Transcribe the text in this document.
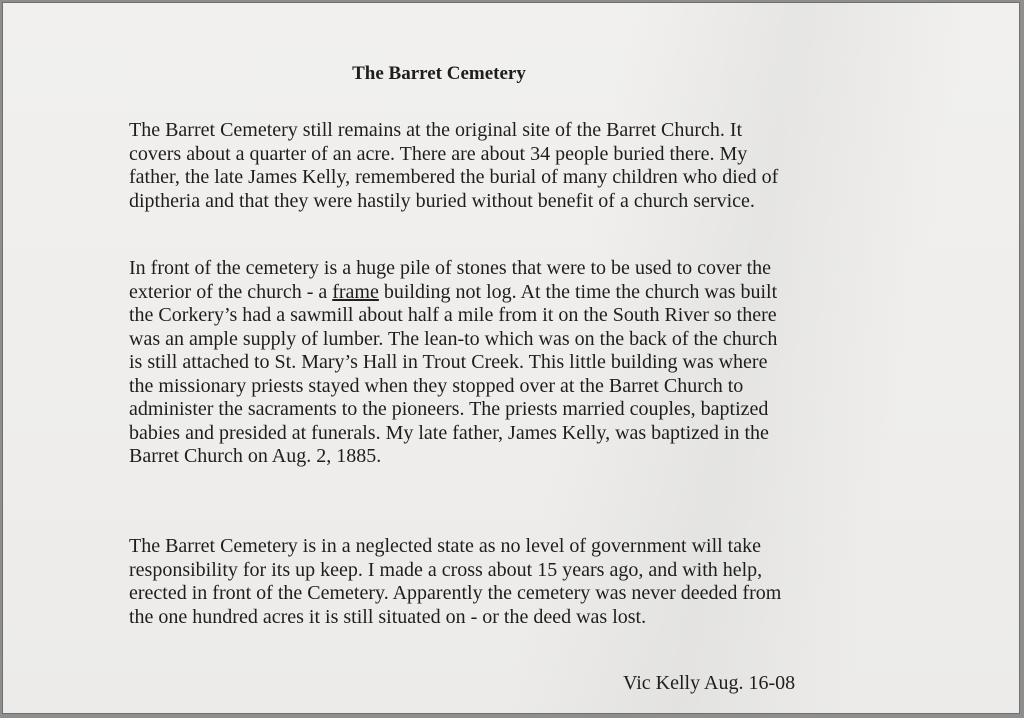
The Barret Cemetery

The Barret Cemetery still remains at the original site of the Barret Church. It
covers about a quarter of an acre. There are about 34 people buried there. My
father, the late James Kelly, remembered the burial of many children who died of
diptheria and that they were hastily buried without benefit of a church service.

In front of the cemetery is a huge pile of stones that were to be used to cover the
exterior of the church - a frame building not log. At the time the church was built
the Corkery’s had a sawmill about half a mile from it on the South River so there
was an ample supply of lumber. The lean-to which was on the back of the church
is still attached to St. Mary’s Hall in Trout Creek. This little building was where
the missionary priests stayed when they stopped over at the Barret Church to
administer the sacraments to the pioneers. The priests married couples, baptized
babies and presided at funerals. My late father, James Kelly, was baptized in the
Barret Church on Aug. 2, 1885.

The Barret Cemetery is in a neglected state as no level of government will take
responsibility for its up keep. I made a cross about 15 years ago, and with help,
erected in front of the Cemetery. Apparently the cemetery was never deeded from
the one hundred acres it is still situated on - or the deed was lost.

Vic Kelly Aug. 16-08
